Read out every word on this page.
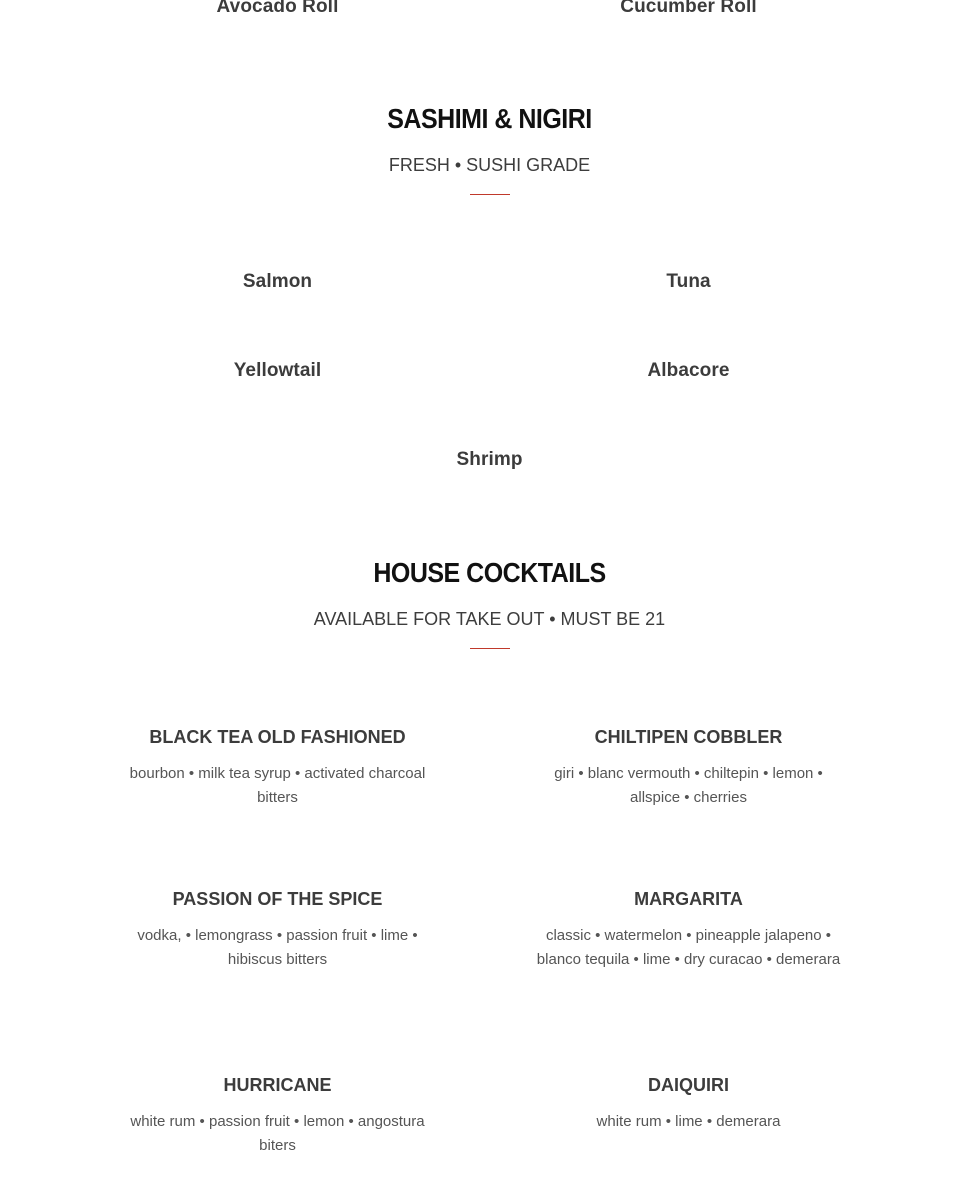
Avocado Roll	Cucumber Roll
SASHIMI & NIGIRI
FRESH • SUSHI GRADE
Salmon	Tuna
Yellowtail	Albacore
Shrimp
HOUSE COCKTAILS
AVAILABLE FOR TAKE OUT • MUST BE 21
BLACK TEA OLD FASHIONED
bourbon • milk tea syrup • activated charcoal bitters
CHILTIPEN COBBLER
giri • blanc vermouth • chiltepin • lemon • allspice • cherries
PASSION OF THE SPICE
vodka, • lemongrass • passion fruit • lime • hibiscus bitters
MARGARITA
classic • watermelon • pineapple jalapeno • blanco tequila • lime • dry curacao • demerara
HURRICANE
white rum • passion fruit • lemon • angostura biters
DAIQUIRI
white rum • lime • demerara
